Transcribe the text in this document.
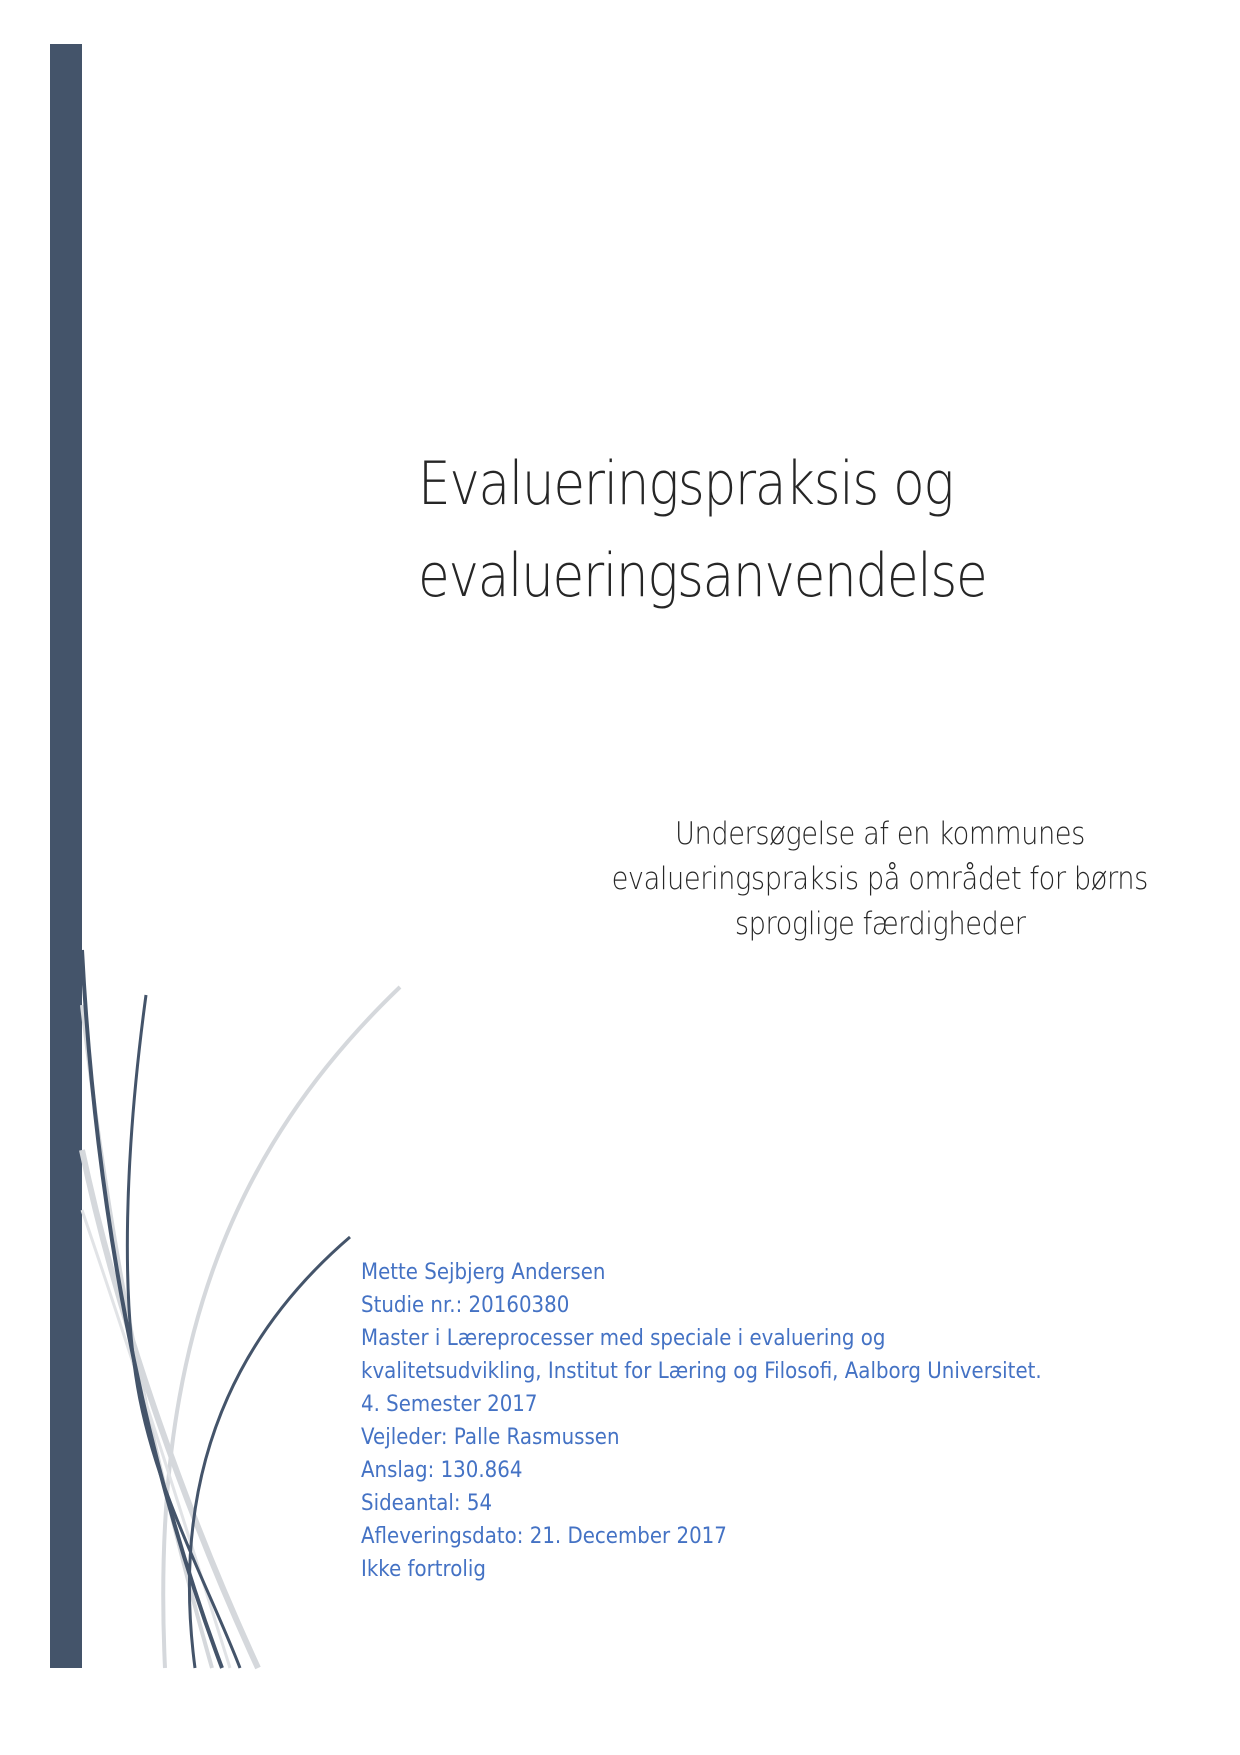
Evalueringspraksis og
evalueringsanvendelse
Undersøgelse af en kommunes
evalueringspraksis på området for børns
sproglige færdigheder
Mette Sejbjerg Andersen
Studie nr.: 20160380
Master i Læreprocesser med speciale i evaluering og
kvalitetsudvikling, Institut for Læring og Filosofi, Aalborg Universitet.
4. Semester 2017
Vejleder: Palle Rasmussen
Anslag: 130.864
Sideantal: 54
Afleveringsdato: 21. December 2017
Ikke fortrolig
